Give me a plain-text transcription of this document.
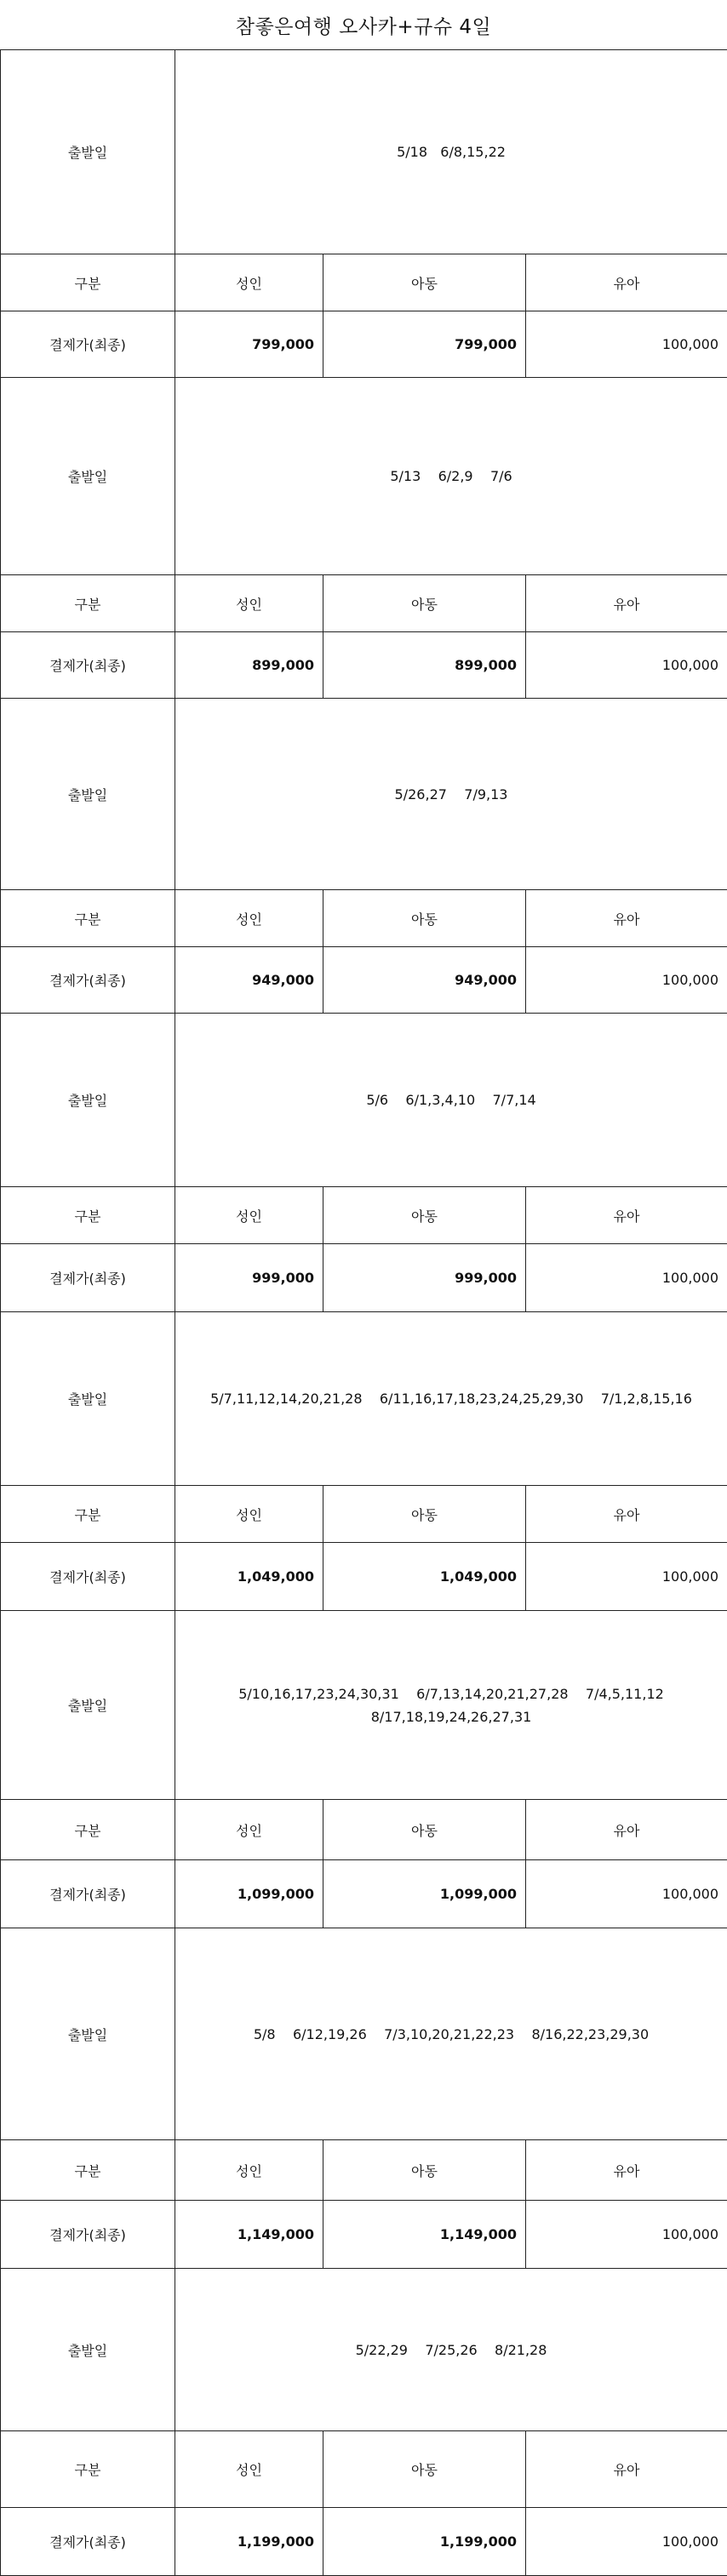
참좋은여행 오사카+규슈 4일
출발일	5/18   6/8,15,22		

구분	성인	아동	유아
결제가(최종)	799,000	799,000	100,000
출발일	5/13    6/2,9    7/6		

구분	성인	아동	유아
결제가(최종)	899,000	899,000	100,000
출발일	5/26,27    7/9,13		

구분	성인	아동	유아
결제가(최종)	949,000	949,000	100,000
출발일	5/6    6/1,3,4,10    7/7,14		

구분	성인	아동	유아
결제가(최종)	999,000	999,000	100,000
출발일	5/7,11,12,14,20,21,28    6/11,16,17,18,23,24,25,29,30    7/1,2,8,15,16		

구분	성인	아동	유아
결제가(최종)	1,049,000	1,049,000	100,000
출발일	5/10,16,17,23,24,30,31    6/7,13,14,20,21,27,28    7/4,5,11,12
8/17,18,19,24,26,27,31		

구분	성인	아동	유아
결제가(최종)	1,099,000	1,099,000	100,000
출발일	5/8    6/12,19,26    7/3,10,20,21,22,23    8/16,22,23,29,30		

구분	성인	아동	유아
결제가(최종)	1,149,000	1,149,000	100,000
출발일	5/22,29    7/25,26    8/21,28		

구분	성인	아동	유아
결제가(최종)	1,199,000	1,199,000	100,000
